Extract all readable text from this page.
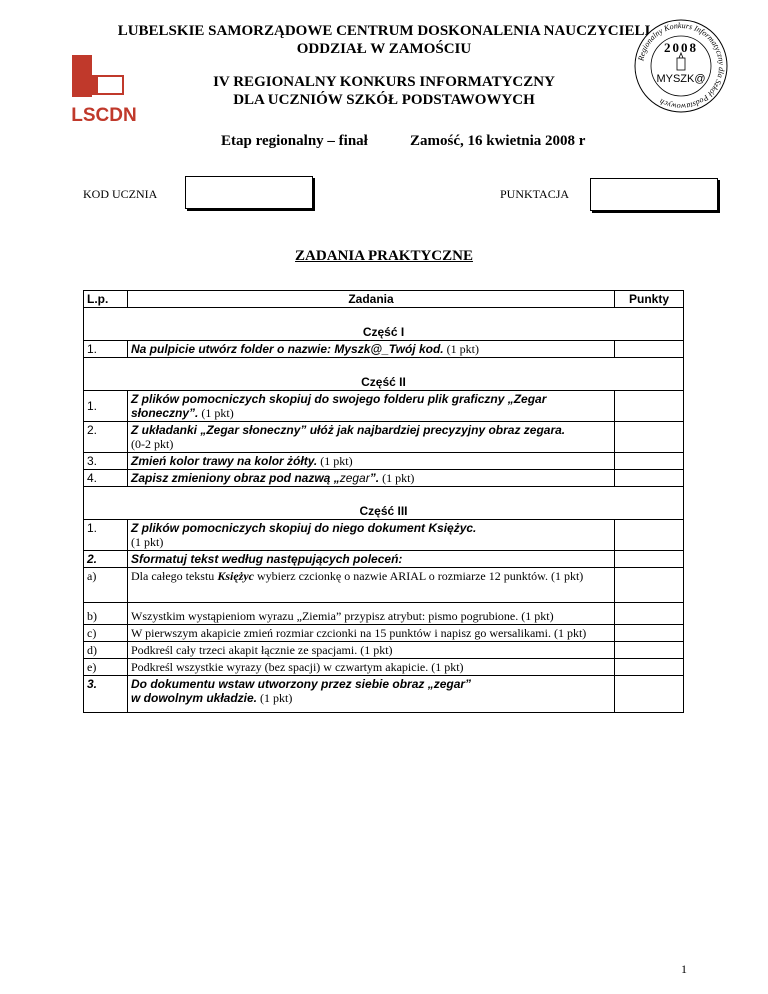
LUBELSKIE SAMORZĄDOWE CENTRUM DOSKONALENIA NAUCZYCIELI
ODDZIAŁ W ZAMOŚCIU
IV REGIONALNY KONKURS INFORMATYCZNY
DLA UCZNIÓW SZKÓŁ PODSTAWOWYCH
LSCDN
Regionalny Konkurs Informatyczny dla Szkół Podstawowych
2008
MYSZK@
Etap regionalny – finał	Zamość, 16 kwietnia 2008 r
KOD UCZNIA	PUNKTACJA
ZADANIA PRAKTYCZNE
L.p.	Zadania	Punkty
Część I		
1.	Na pulpicie utwórz folder o nazwie: Myszk@_Twój kod. (1 pkt)	
Część II		
1.	Z plików pomocniczych skopiuj do swojego folderu plik graficzny „Zegar słoneczny”. (1 pkt)	
2.	Z układanki „Zegar słoneczny” ułóż jak najbardziej precyzyjny obraz zegara.
(0-2 pkt)	
3.	Zmień kolor trawy na kolor żółty. (1 pkt)	
4.	Zapisz zmieniony obraz pod nazwą „zegar”. (1 pkt)	
Część III		
1.	Z plików pomocniczych skopiuj do niego dokument Księżyc.
(1 pkt)	
2.	Sformatuj tekst według następujących poleceń:	
a)	Dla całego tekstu Księżyc wybierz czcionkę o nazwie ARIAL o rozmiarze 12 punktów. (1 pkt)	
b)	Wszystkim wystąpieniom wyrazu „Ziemia” przypisz atrybut: pismo pogrubione. (1 pkt)	
c)	W pierwszym akapicie zmień rozmiar czcionki na 15 punktów i napisz go wersalikami. (1 pkt)	
d)	Podkreśl cały trzeci akapit łącznie ze spacjami. (1 pkt)	
e)	Podkreśl wszystkie wyrazy (bez spacji) w czwartym akapicie. (1 pkt)	
3.	Do dokumentu wstaw utworzony przez siebie obraz „zegar”
w dowolnym układzie. (1 pkt)	
1
